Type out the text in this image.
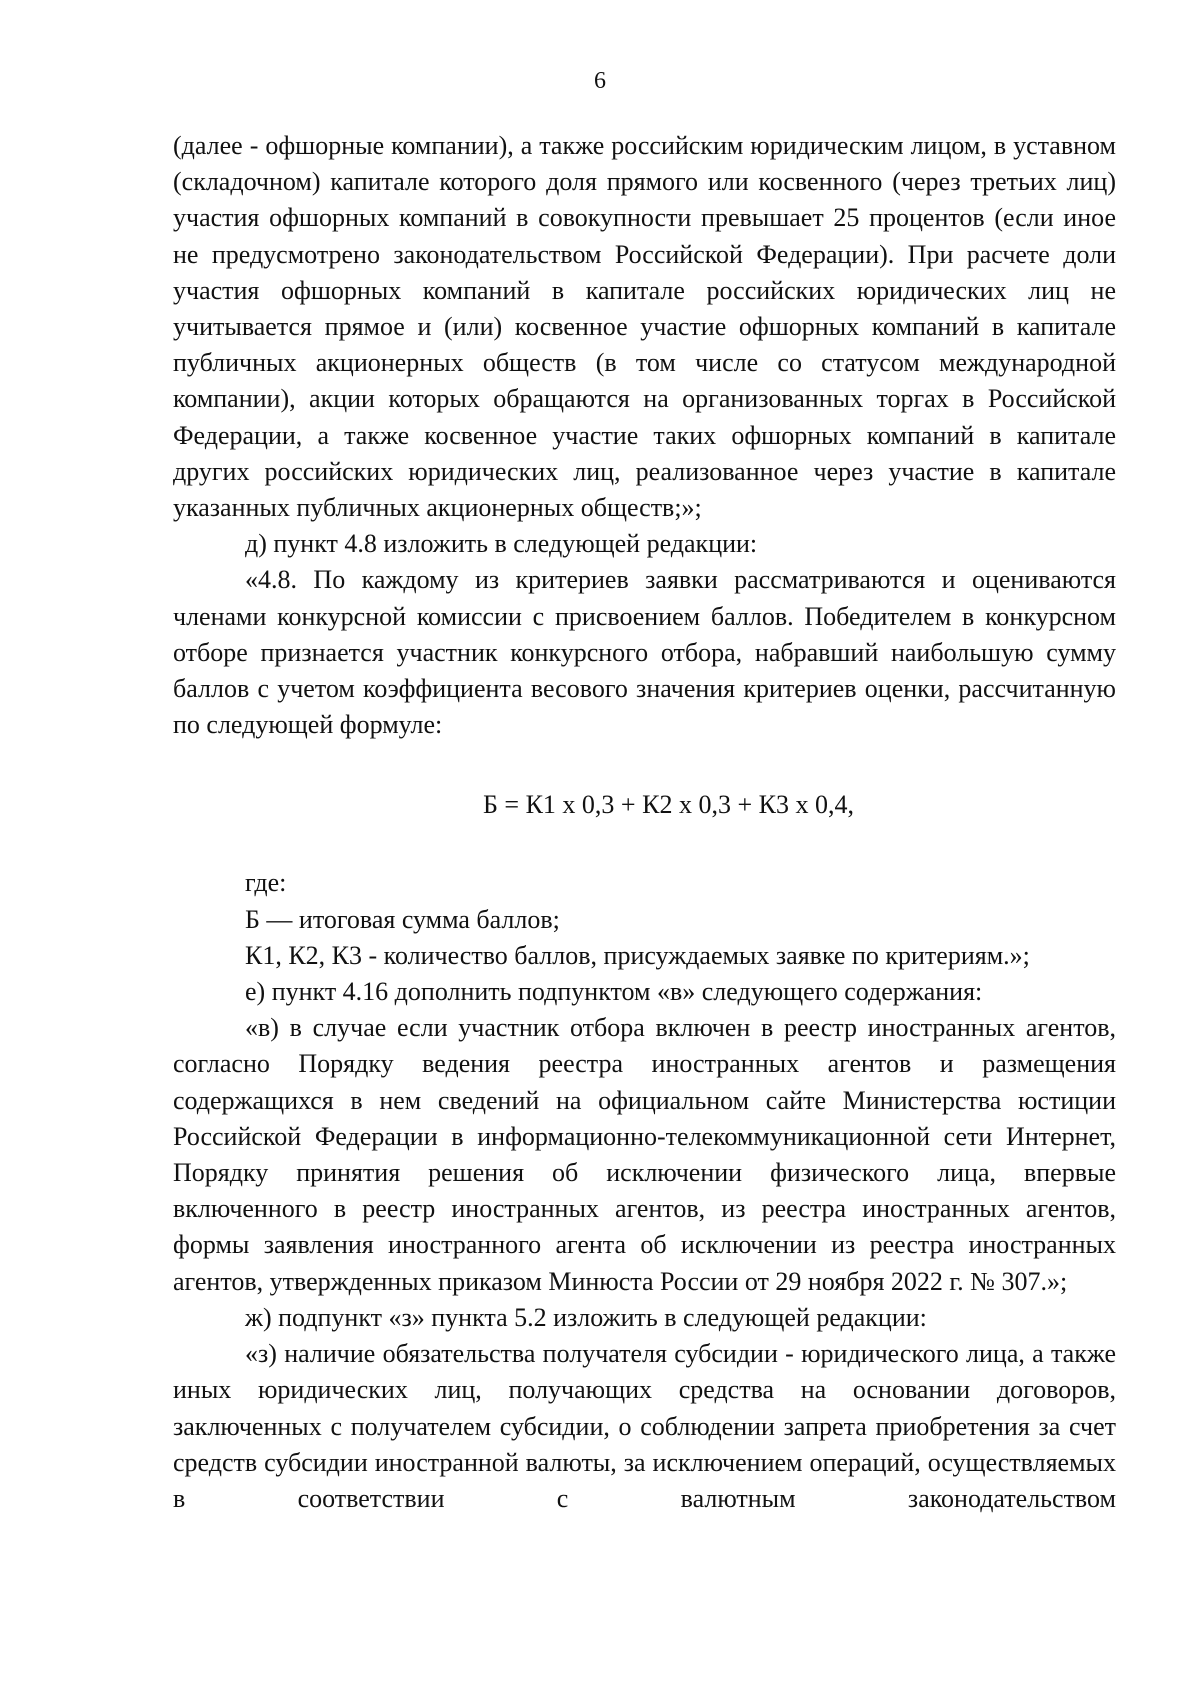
6

(далее - офшорные компании), а также российским юридическим лицом, в уставном (складочном) капитале которого доля прямого или косвенного (через третьих лиц) участия офшорных компаний в совокупности превышает 25 процентов (если иное не предусмотрено законодательством Российской Федерации). При расчете доли участия офшорных компаний в капитале российских юридических лиц не учитывается прямое и (или) косвенное участие офшорных компаний в капитале публичных акционерных обществ (в том числе со статусом международной компании), акции которых обращаются на организованных торгах в Российской Федерации, а также косвенное участие таких офшорных компаний в капитале других российских юридических лиц, реализованное через участие в капитале указанных публичных акционерных обществ;»;

д) пункт 4.8 изложить в следующей редакции:

«4.8. По каждому из критериев заявки рассматриваются и оцениваются членами конкурсной комиссии с присвоением баллов. Победителем в конкурсном отборе признается участник конкурсного отбора, набравший наибольшую сумму баллов с учетом коэффициента весового значения критериев оценки, рассчитанную по следующей формуле:

Б = К1 х 0,3 + К2 х 0,3 + К3 х 0,4,
где:
Б — итоговая сумма баллов;
К1, К2, К3 - количество баллов, присуждаемых заявке по критериям.»;

е) пункт 4.16 дополнить подпунктом «в» следующего содержания:

«в) в случае если участник отбора включен в реестр иностранных агентов, согласно Порядку ведения реестра иностранных агентов и размещения содержащихся в нем сведений на официальном сайте Министерства юстиции Российской Федерации в информационно-телекоммуникационной сети Интернет, Порядку принятия решения об исключении физического лица, впервые включенного в реестр иностранных агентов, из реестра иностранных агентов, формы заявления иностранного агента об исключении из реестра иностранных агентов, утвержденных приказом Минюста России от 29 ноября 2022 г. № 307.»;

ж) подпункт «з» пункта 5.2 изложить в следующей редакции:

«з) наличие обязательства получателя субсидии - юридического лица, а также иных юридических лиц, получающих средства на основании договоров, заключенных с получателем субсидии, о соблюдении запрета приобретения за счет средств субсидии иностранной валюты, за исключением операций, осуществляемых в соответствии с валютным законодательством
